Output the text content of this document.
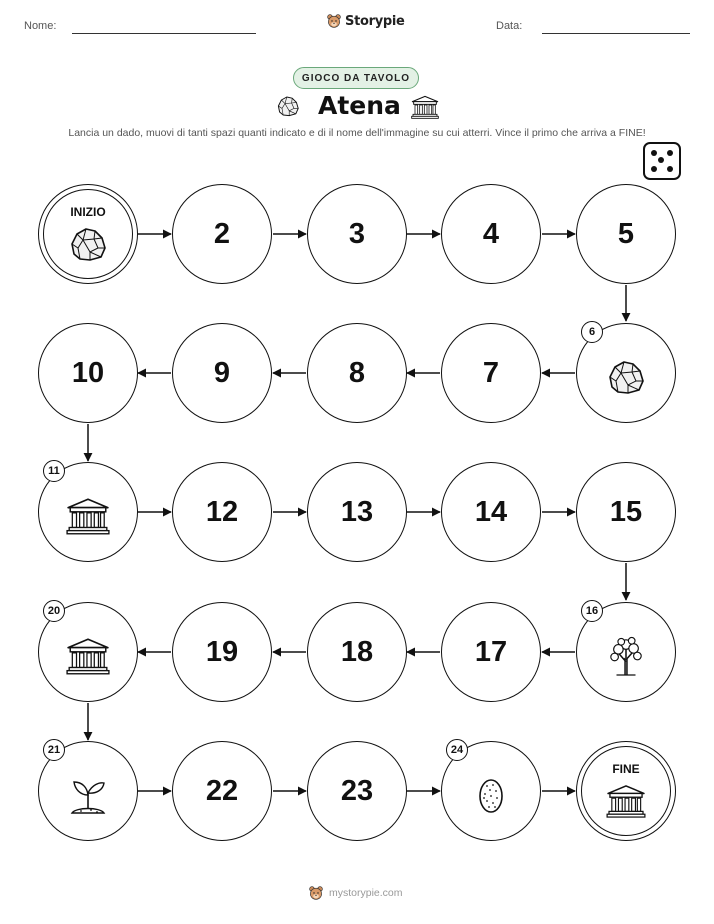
Nome:	Storypie	Data:
GIOCO DA TAVOLO
Atena
Lancia un dado, muovi di tanti spazi quanti indicato e di il nome dell'immagine su cui atterri. Vince il primo che arriva a FINE!
INIZIO
2	3	4	5
6
7
8
9
10
11
12	13	14	15
16
17
18
19
20
21
22	23
24
FINE
mystorypie.com
